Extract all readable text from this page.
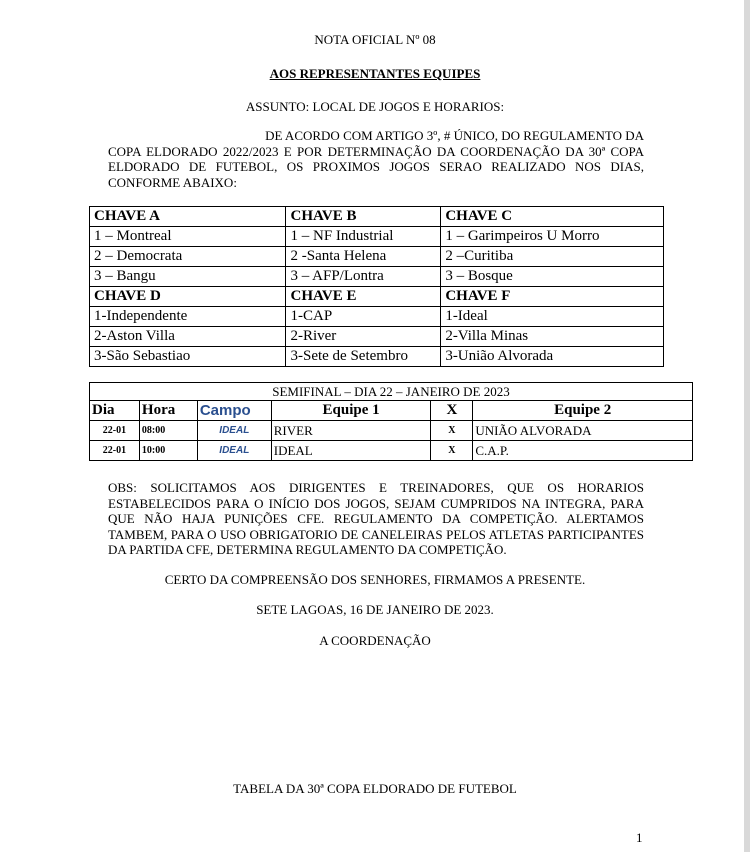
NOTA OFICIAL Nº 08
AOS REPRESENTANTES EQUIPES
ASSUNTO: LOCAL DE JOGOS E HORARIOS:

DE ACORDO COM ARTIGO 3º, # ÚNICO, DO REGULAMENTO DA

COPA ELDORADO 2022/2023 E POR DETERMINAÇÃO DA COORDENAÇÃO DA 30ª COPA ELDORADO DE FUTEBOL, OS PROXIMOS JOGOS SERAO REALIZADO NOS DIAS, CONFORME ABAIXO:

CHAVE A	CHAVE B	CHAVE C
1 – Montreal	1 – NF Industrial	1 – Garimpeiros U Morro
2 – Democrata	2 -Santa Helena	2 –Curitiba
3 – Bangu	3 – AFP/Lontra	3 – Bosque
CHAVE D	CHAVE E	CHAVE F
1-Independente	1-CAP	1-Ideal
2-Aston Villa	2-River	2-Villa Minas
3-São Sebastiao	3-Sete de Setembro	3-União Alvorada
SEMIFINAL – DIA 22 – JANEIRO DE 2023					
Dia	Hora	Campo	Equipe 1	X	Equipe 2
22-01	08:00	IDEAL	RIVER	X	UNIÃO ALVORADA
22-01	10:00	IDEAL	IDEAL	X	C.A.P.
OBS: SOLICITAMOS AOS DIRIGENTES E TREINADORES, QUE OS HORARIOS ESTABELECIDOS PARA O INÍCIO DOS JOGOS, SEJAM CUMPRIDOS NA INTEGRA, PARA QUE NÃO HAJA PUNIÇÕES CFE. REGULAMENTO DA COMPETIÇÃO. ALERTAMOS TAMBEM, PARA O USO OBRIGATORIO DE CANELEIRAS PELOS ATLETAS PARTICIPANTES DA PARTIDA CFE, DETERMINA REGULAMENTO DA COMPETIÇÃO.
CERTO DA COMPREENSÃO DOS SENHORES, FIRMAMOS A PRESENTE.
SETE LAGOAS, 16 DE JANEIRO DE 2023.
A COORDENAÇÃO
TABELA DA 30ª COPA ELDORADO DE FUTEBOL
1
